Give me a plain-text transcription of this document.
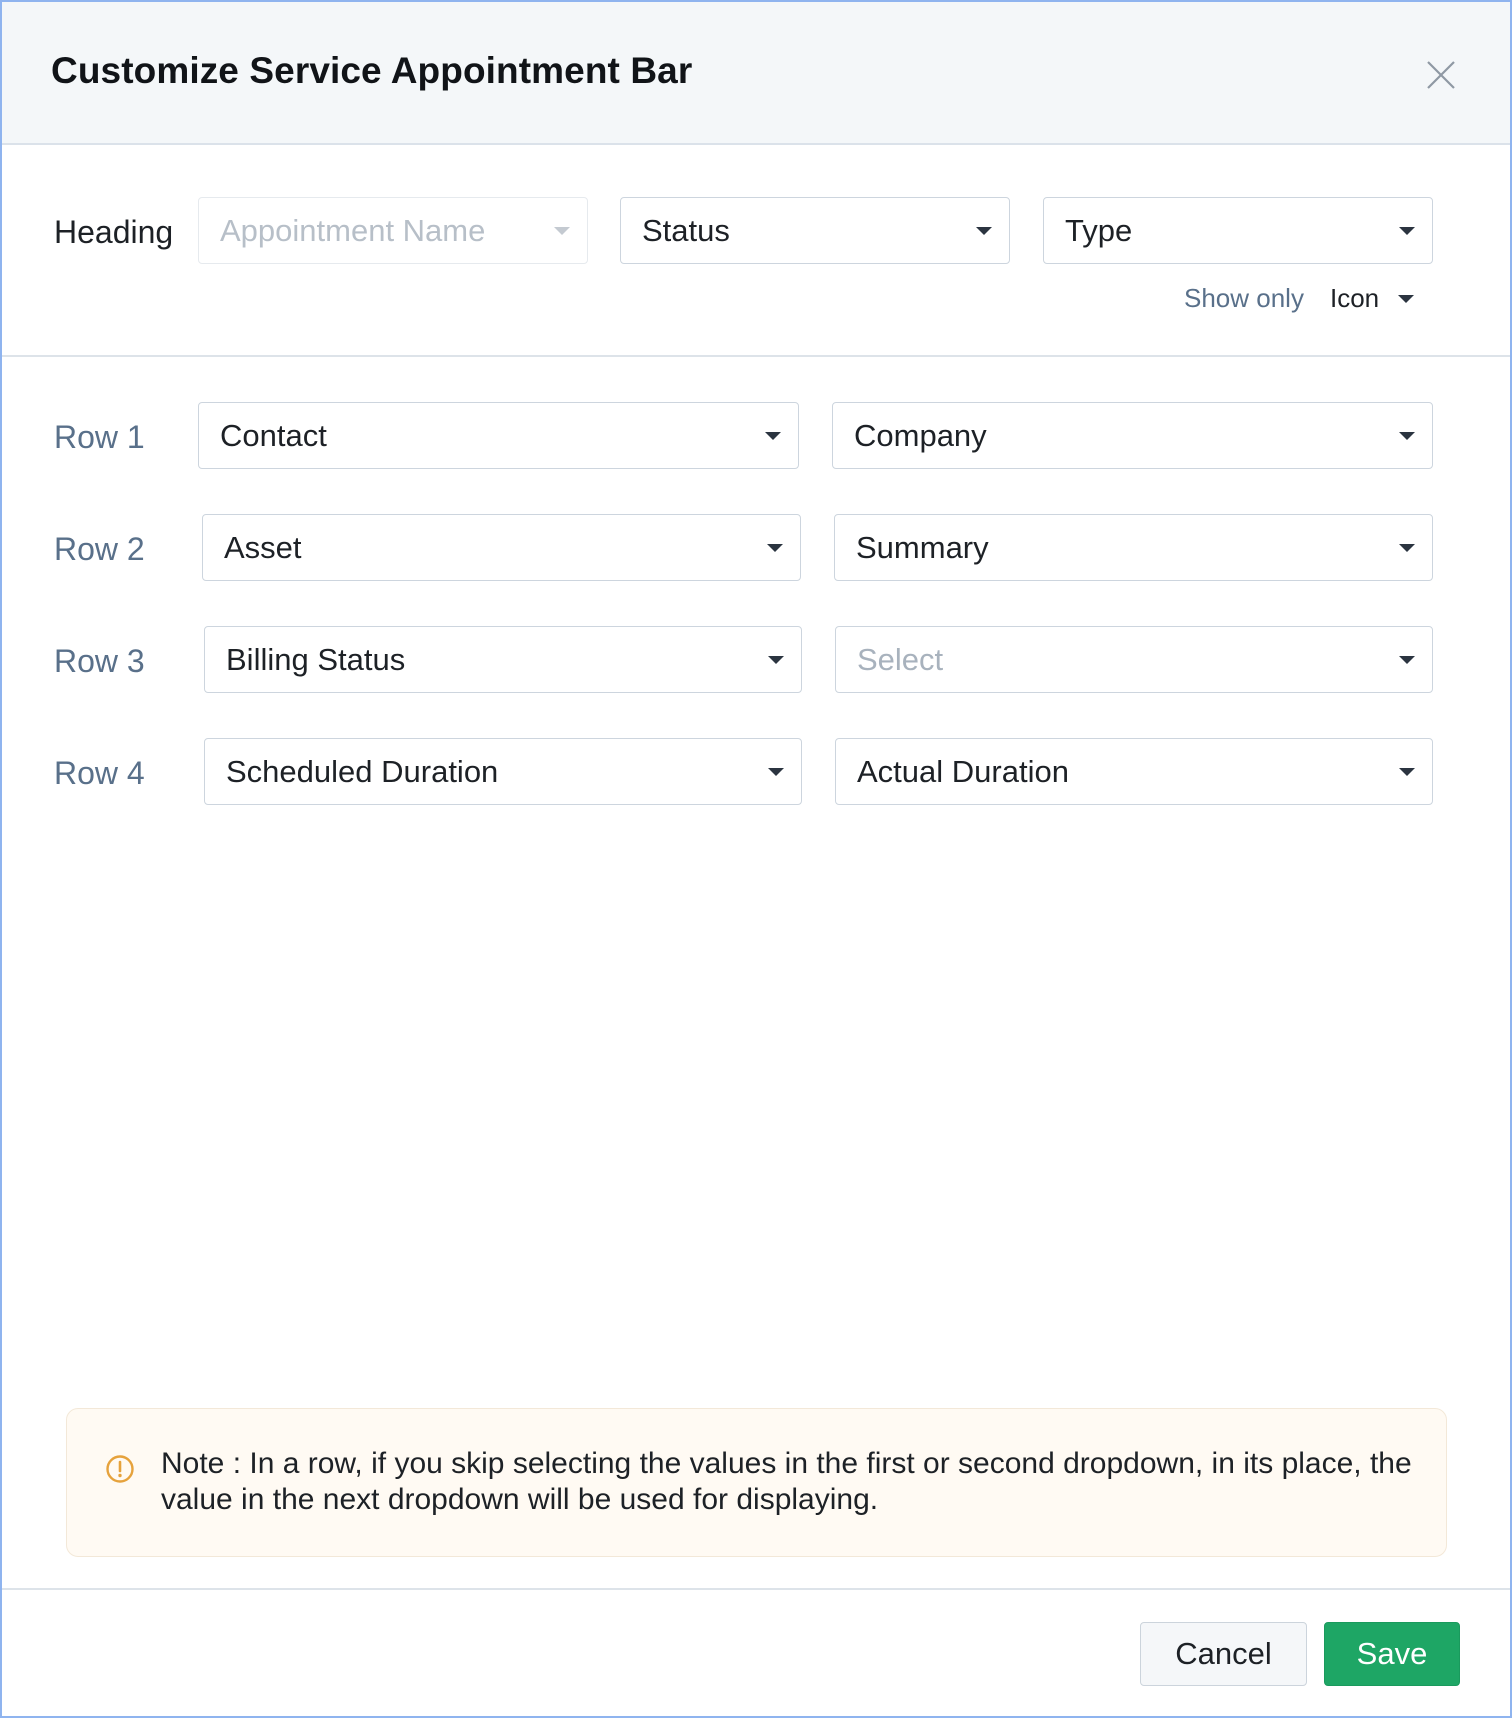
Customize Service Appointment Bar
Heading Appointment Name	Status	Type
Show only Icon
Row 1 Contact	Company
Row 2	Asset	Summary
Row 3	Billing Status	Select
Row 4	Scheduled Duration	Actual Duration
Note : In a row, if you skip selecting the values in the first or second dropdown, in its place, the value in the next dropdown will be used for displaying.
Cancel	Save
